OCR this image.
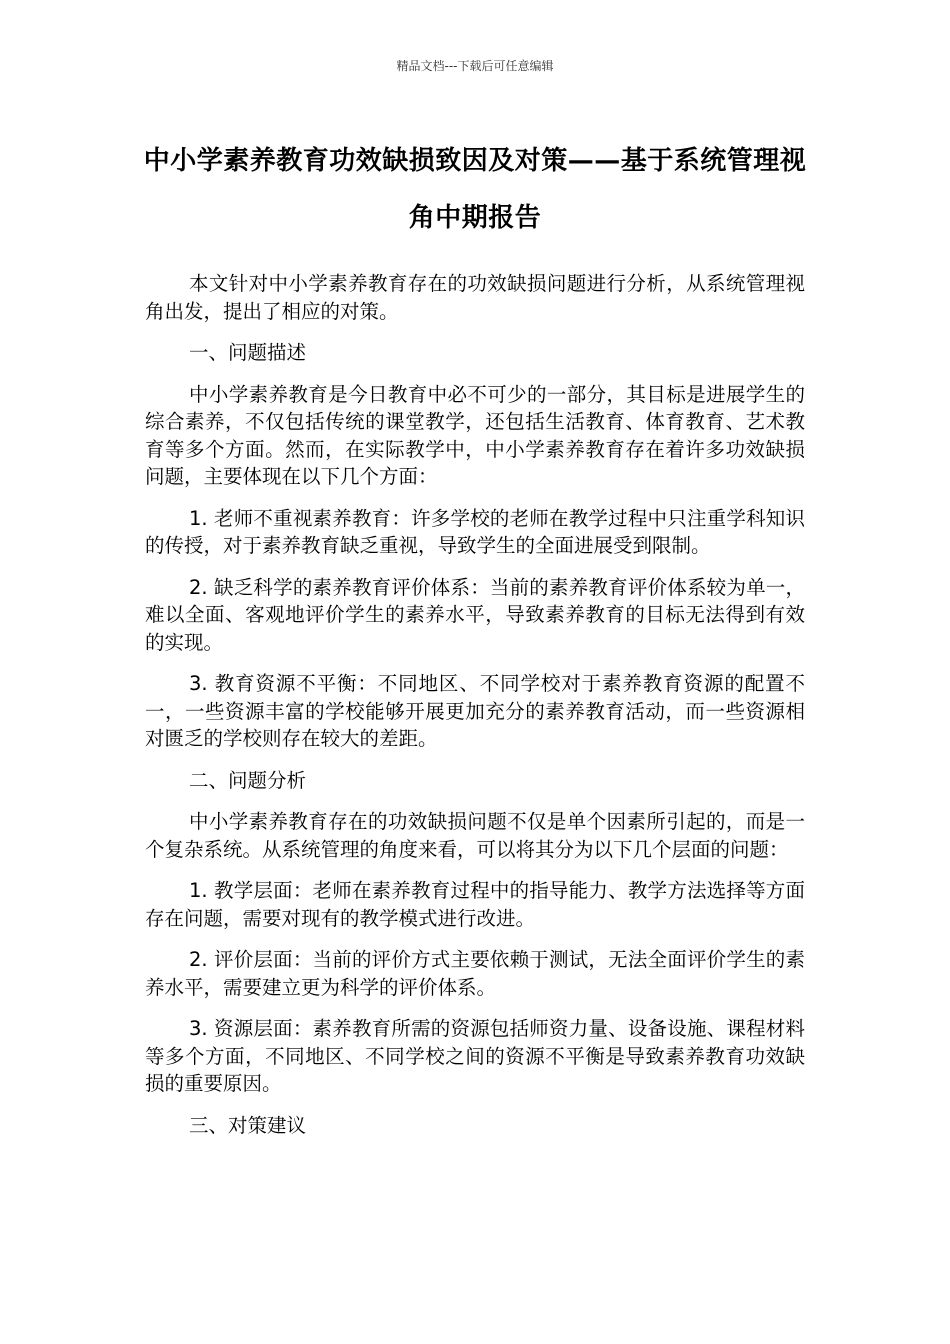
精品文档---下载后可任意编辑
中小学素养教育功效缺损致因及对策——基于系统管理视角中期报告

本文针对中小学素养教育存在的功效缺损问题进行分析，从系统管理视角出发，提出了相应的对策。

一、问题描述

中小学素养教育是今日教育中必不可少的一部分，其目标是进展学生的综合素养，不仅包括传统的课堂教学，还包括生活教育、体育教育、艺术教育等多个方面。然而，在实际教学中，中小学素养教育存在着许多功效缺损问题，主要体现在以下几个方面：

1. 老师不重视素养教育：许多学校的老师在教学过程中只注重学科知识的传授，对于素养教育缺乏重视，导致学生的全面进展受到限制。

2. 缺乏科学的素养教育评价体系：当前的素养教育评价体系较为单一，难以全面、客观地评价学生的素养水平，导致素养教育的目标无法得到有效的实现。

3. 教育资源不平衡：不同地区、不同学校对于素养教育资源的配置不一，一些资源丰富的学校能够开展更加充分的素养教育活动，而一些资源相对匮乏的学校则存在较大的差距。

二、问题分析

中小学素养教育存在的功效缺损问题不仅是单个因素所引起的，而是一个复杂系统。从系统管理的角度来看，可以将其分为以下几个层面的问题：

1. 教学层面：老师在素养教育过程中的指导能力、教学方法选择等方面存在问题，需要对现有的教学模式进行改进。

2. 评价层面：当前的评价方式主要依赖于测试，无法全面评价学生的素养水平，需要建立更为科学的评价体系。

3. 资源层面：素养教育所需的资源包括师资力量、设备设施、课程材料等多个方面，不同地区、不同学校之间的资源不平衡是导致素养教育功效缺损的重要原因。

三、对策建议
